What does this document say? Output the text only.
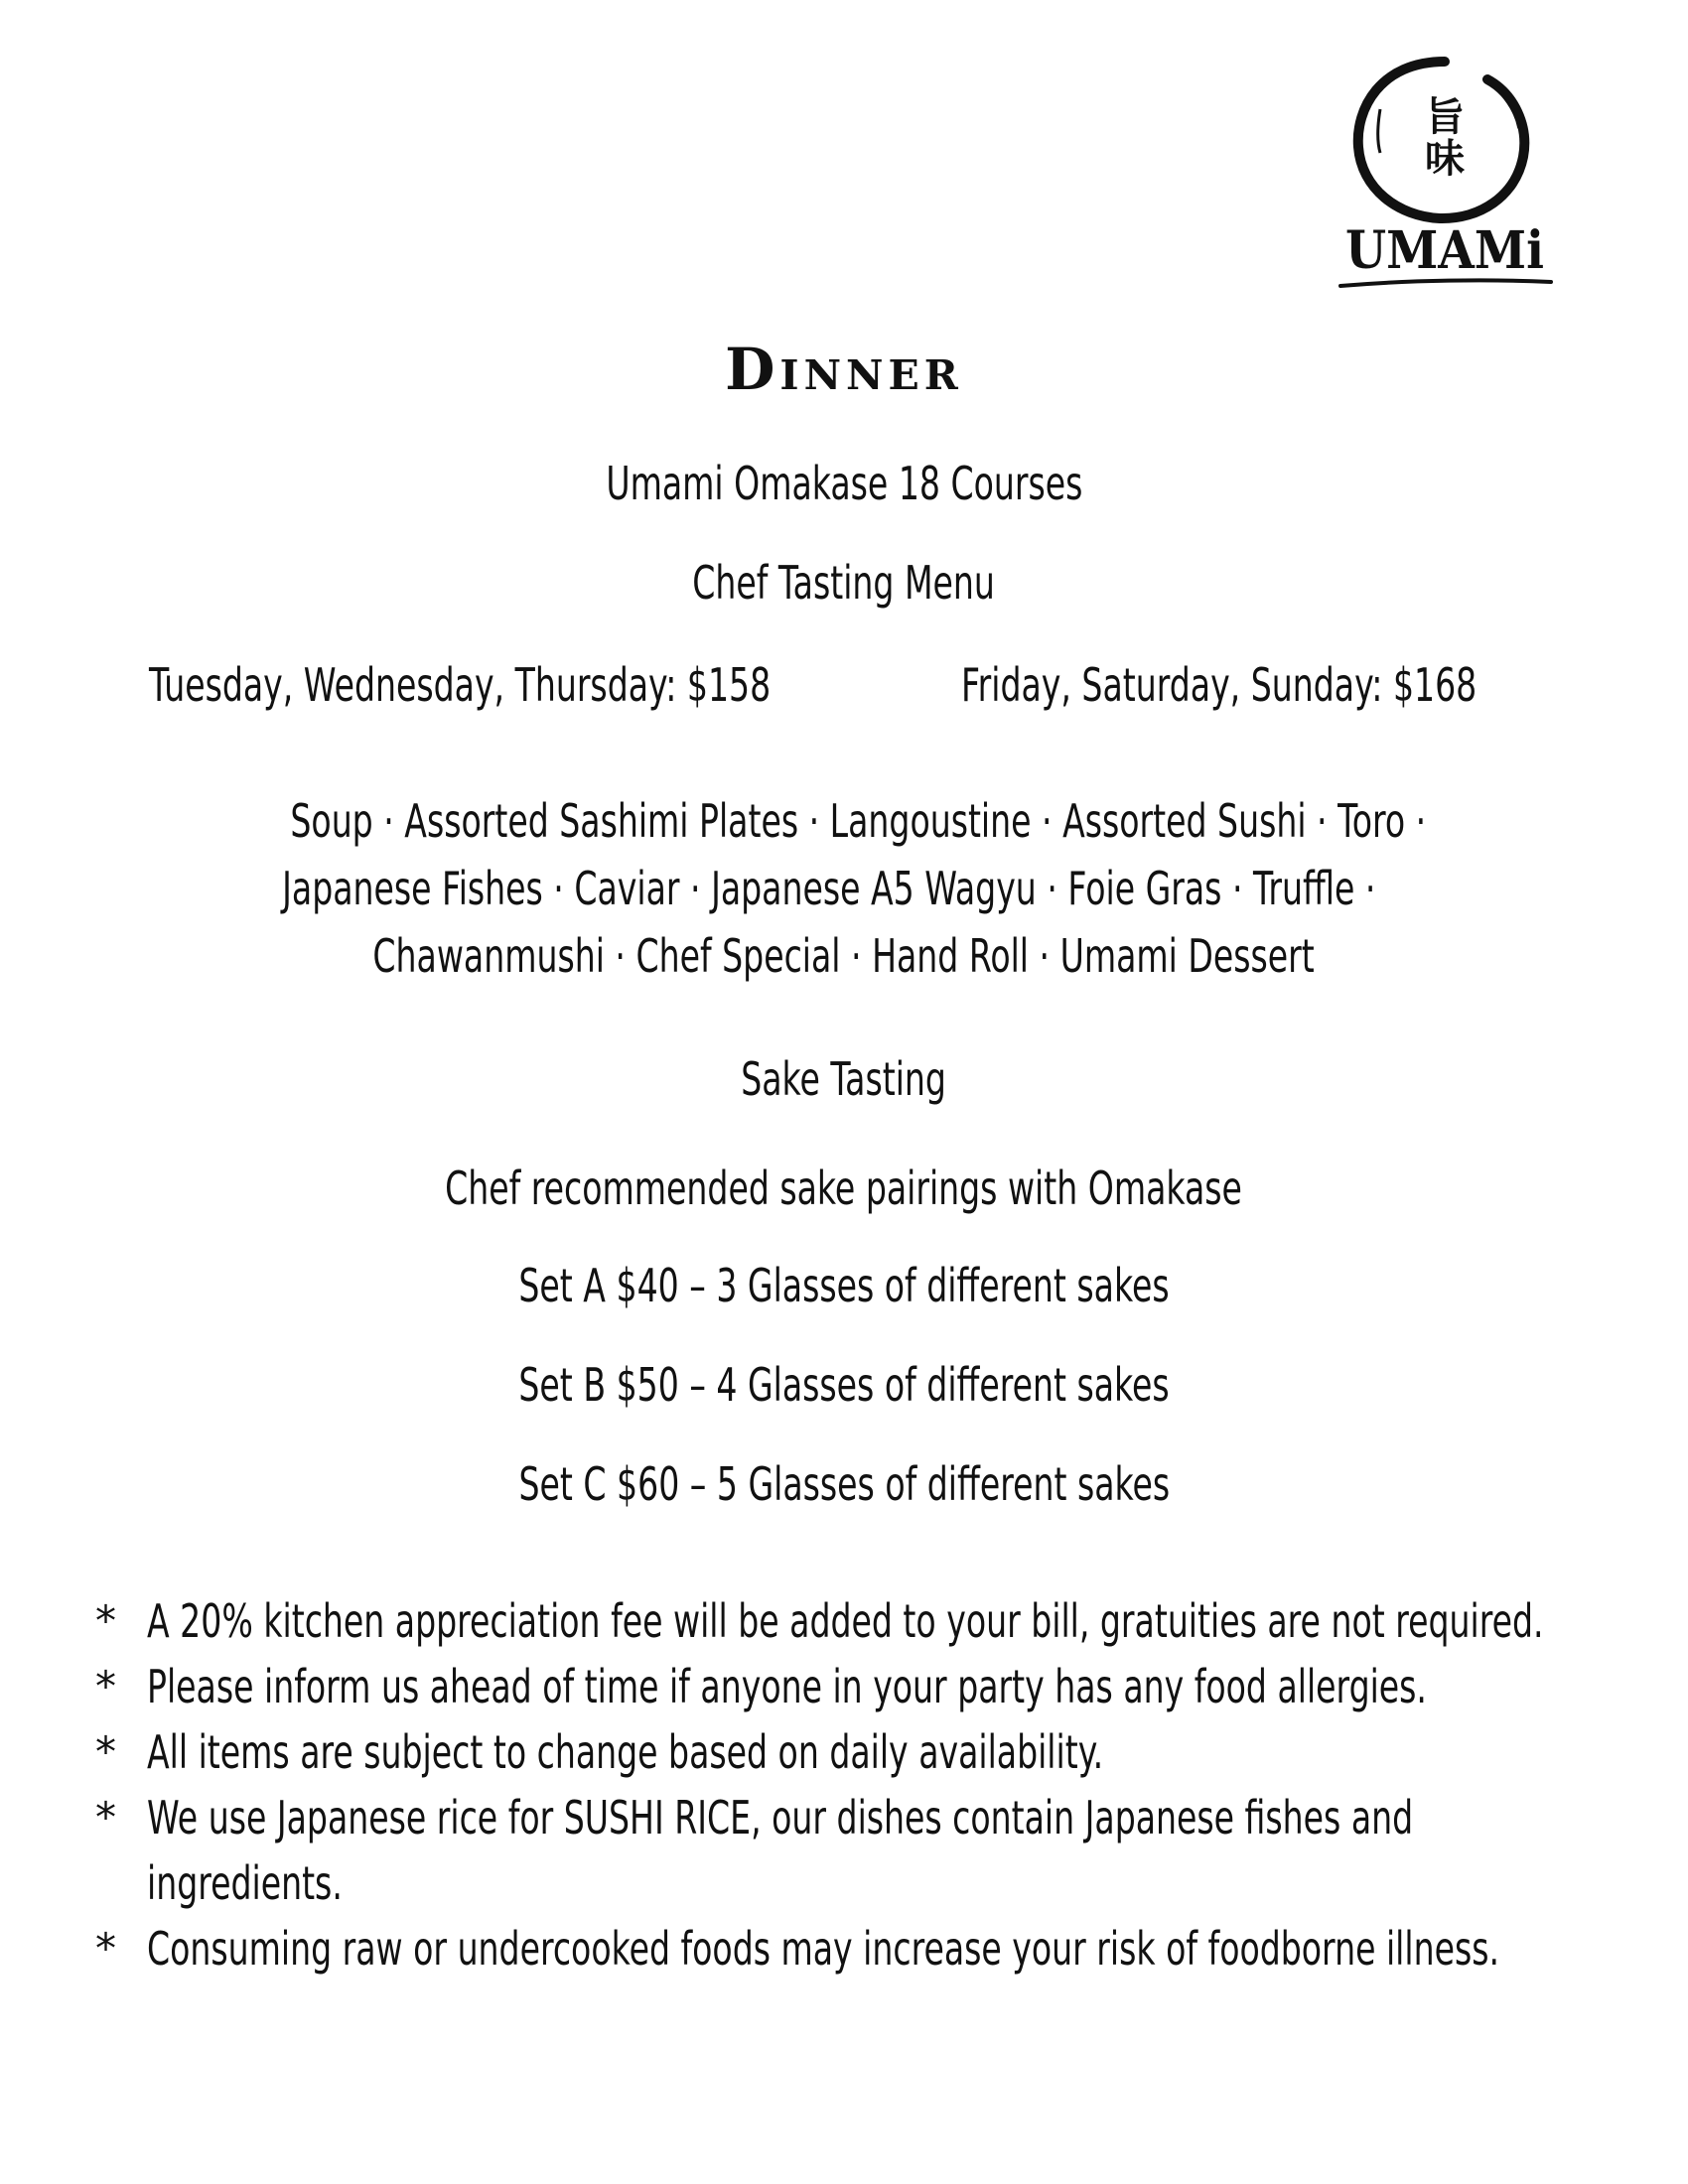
旨味
UMAMi
Dinner
Umami Omakase 18 Courses
Chef Tasting Menu
Tuesday, Wednesday, Thursday: $158	Friday, Saturday, Sunday: $168
Soup · Assorted Sashimi Plates · Langoustine · Assorted Sushi · Toro ·
Japanese Fishes · Caviar · Japanese A5 Wagyu · Foie Gras · Truffle ·
Chawanmushi · Chef Special · Hand Roll · Umami Dessert
Sake Tasting
Chef recommended sake pairings with Omakase
Set A $40 – 3 Glasses of different sakes
Set B $50 – 4 Glasses of different sakes
Set C $60 – 5 Glasses of different sakes
* A 20% kitchen appreciation fee will be added to your bill, gratuities are not required.
* Please inform us ahead of time if anyone in your party has any food allergies.
* All items are subject to change based on daily availability.
* We use Japanese rice for SUSHI RICE, our dishes contain Japanese fishes and ingredients.
* Consuming raw or undercooked foods may increase your risk of foodborne illness.
